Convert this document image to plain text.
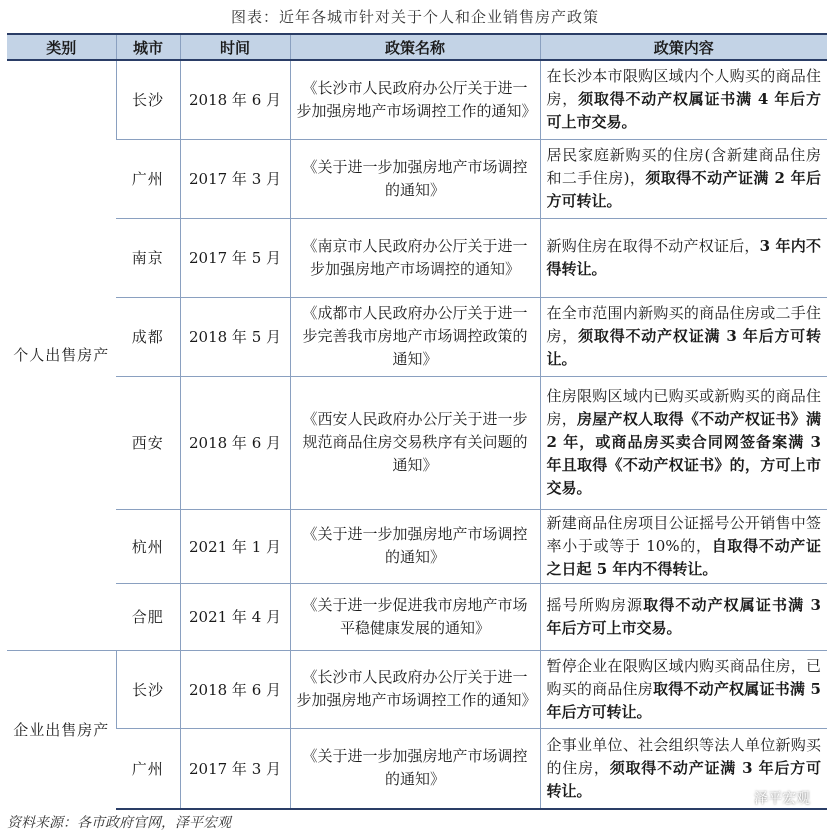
图表：近年各城市针对关于个人和企业销售房产政策
类别	城市	时间	政策名称	政策内容
个人出售房产	长沙	2018 年 6 月	《长沙市人民政府办公厅关于进一步加强房地产市场调控工作的通知》	在长沙本市限购区域内个人购买的商品住房，须取得不动产权属证书满 4 年后方可上市交易。
	广州	2017 年 3 月	《关于进一步加强房地产市场调控的通知》	居民家庭新购买的住房(含新建商品住房和二手住房)，须取得不动产证满 2 年后方可转让。
	南京	2017 年 5 月	《南京市人民政府办公厅关于进一步加强房地产市场调控的通知》	新购住房在取得不动产权证后，3 年内不得转让。
	成都	2018 年 5 月	《成都市人民政府办公厅关于进一步完善我市房地产市场调控政策的通知》	在全市范围内新购买的商品住房或二手住房，须取得不动产权证满 3 年后方可转让。
	西安	2018 年 6 月	《西安人民政府办公厅关于进一步规范商品住房交易秩序有关问题的通知》	住房限购区域内已购买或新购买的商品住房，房屋产权人取得《不动产权证书》满 2 年，或商品房买卖合同网签备案满 3 年且取得《不动产权证书》的，方可上市交易。
	杭州	2021 年 1 月	《关于进一步加强房地产市场调控的通知》	新建商品住房项目公证摇号公开销售中签率小于或等于 10%的，自取得不动产证之日起 5 年内不得转让。
	合肥	2021 年 4 月	《关于进一步促进我市房地产市场平稳健康发展的通知》	摇号所购房源取得不动产权属证书满 3 年后方可上市交易。
企业出售房产	长沙	2018 年 6 月	《长沙市人民政府办公厅关于进一步加强房地产市场调控工作的通知》	暂停企业在限购区域内购买商品住房，已购买的商品住房取得不动产权属证书满 5 年后方可转让。
	广州	2017 年 3 月	《关于进一步加强房地产市场调控的通知》	企事业单位、社会组织等法人单位新购买的住房，须取得不动产证满 3 年后方可转让。
资料来源：各市政府官网，泽平宏观
泽平宏观
